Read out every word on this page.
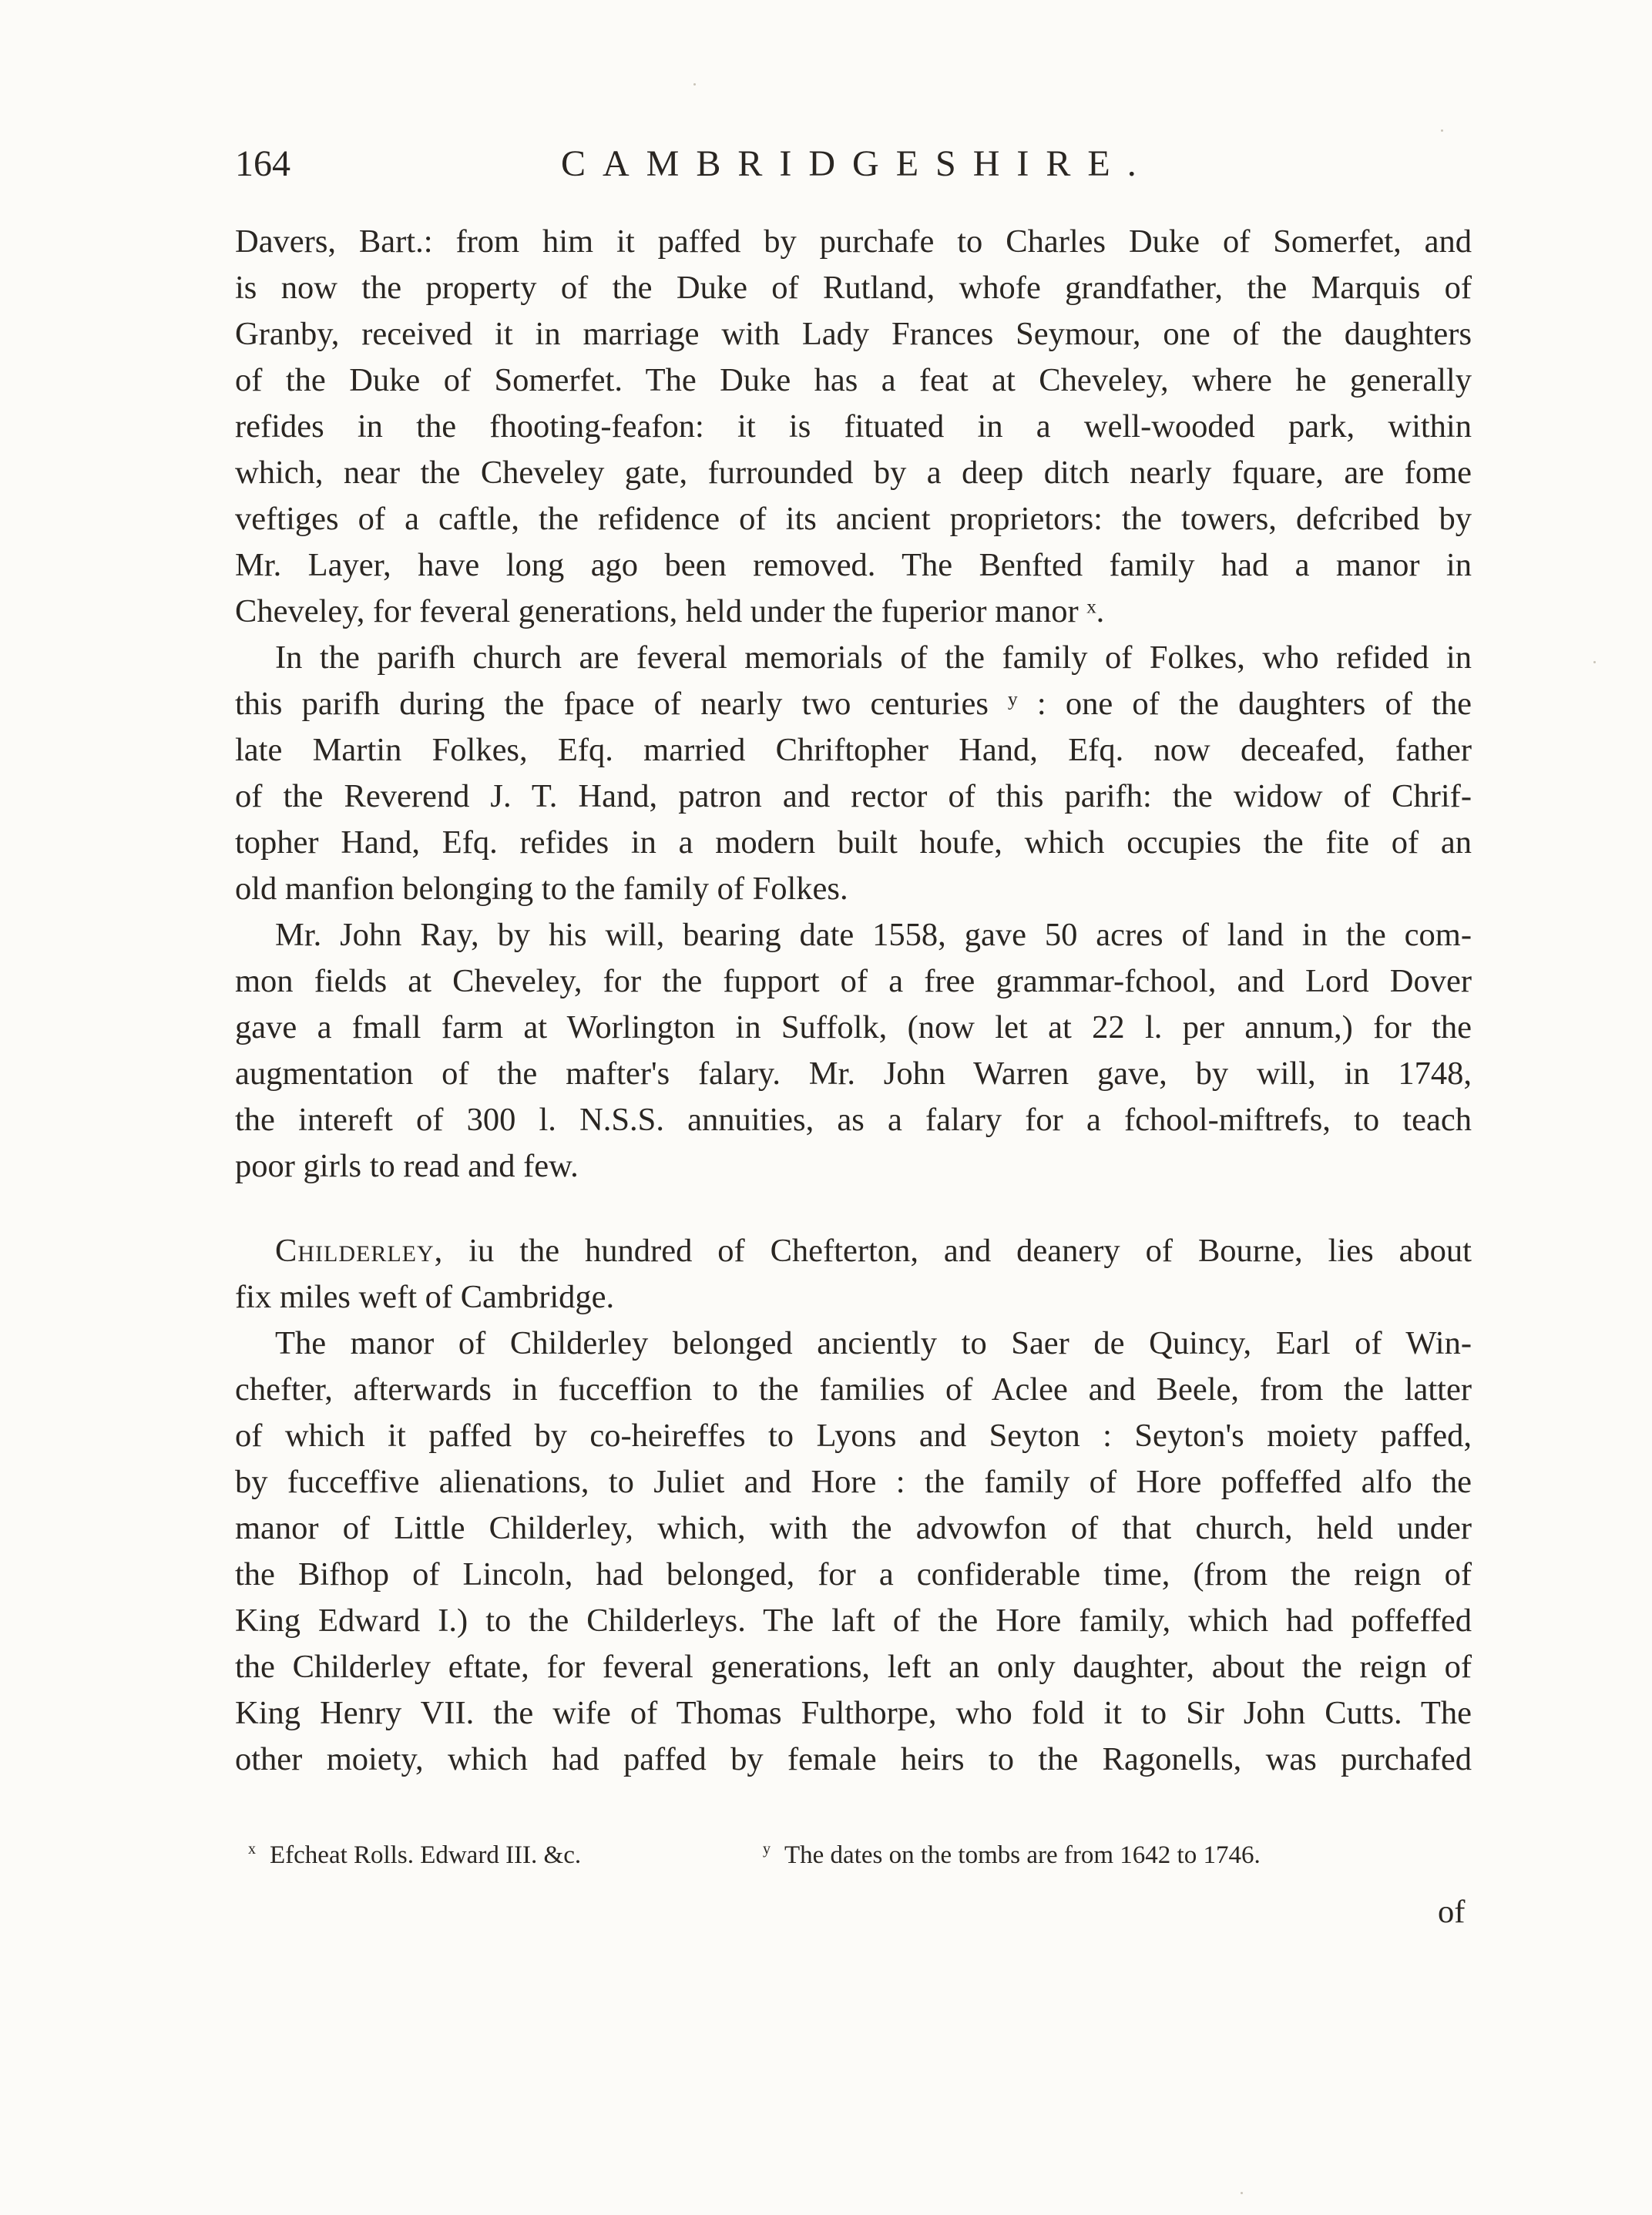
164	CAMBRIDGESHIRE.
Davers, Bart.: from him it paffed by purchafe to Charles Duke of Somerfet, and
is now the property of the Duke of Rutland, whofe grandfather, the Marquis of
Granby, received it in marriage with Lady Frances Seymour, one of the daughters
of the Duke of Somerfet. The Duke has a feat at Cheveley, where he generally
refides in the fhooting-feafon: it is fituated in a well-wooded park, within
which, near the Cheveley gate, furrounded by a deep ditch nearly fquare, are fome
veftiges of a caftle, the refidence of its ancient proprietors: the towers, defcribed by
Mr. Layer, have long ago been removed. The Benfted family had a manor in
Cheveley, for feveral generations, held under the fuperior manor ˣ.
In the parifh church are feveral memorials of the family of Folkes, who refided in
this parifh during the fpace of nearly two centuries ʸ : one of the daughters of the
late Martin Folkes, Efq. married Chriftopher Hand, Efq. now deceafed, father
of the Reverend J. T. Hand, patron and rector of this parifh: the widow of Chrif-
topher Hand, Efq. refides in a modern built houfe, which occupies the fite of an
old manfion belonging to the family of Folkes.
Mr. John Ray, by his will, bearing date 1558, gave 50 acres of land in the com-
mon fields at Cheveley, for the fupport of a free grammar-fchool, and Lord Dover
gave a fmall farm at Worlington in Suffolk, (now let at 22 l. per annum,) for the
augmentation of the mafter's falary. Mr. John Warren gave, by will, in 1748,
the intereft of 300 l. N.S.S. annuities, as a falary for a fchool-miftrefs, to teach
poor girls to read and few.
Childerley, iu the hundred of Chefterton, and deanery of Bourne, lies about
fix miles weft of Cambridge.
The manor of Childerley belonged anciently to Saer de Quincy, Earl of Win-
chefter, afterwards in fucceffion to the families of Aclee and Beele, from the latter
of which it paffed by co-heireffes to Lyons and Seyton : Seyton's moiety paffed,
by fucceffive alienations, to Juliet and Hore : the family of Hore poffeffed alfo the
manor of Little Childerley, which, with the advowfon of that church, held under
the Bifhop of Lincoln, had belonged, for a confiderable time, (from the reign of
King Edward I.) to the Childerleys. The laft of the Hore family, which had poffeffed
the Childerley eftate, for feveral generations, left an only daughter, about the reign of
King Henry VII. the wife of Thomas Fulthorpe, who fold it to Sir John Cutts. The
other moiety, which had paffed by female heirs to the Ragonells, was purchafed
$^x$ Efcheat Rolls. Edward III. &c.	$^y$ The dates on the tombs are from 1642 to 1746.
of
